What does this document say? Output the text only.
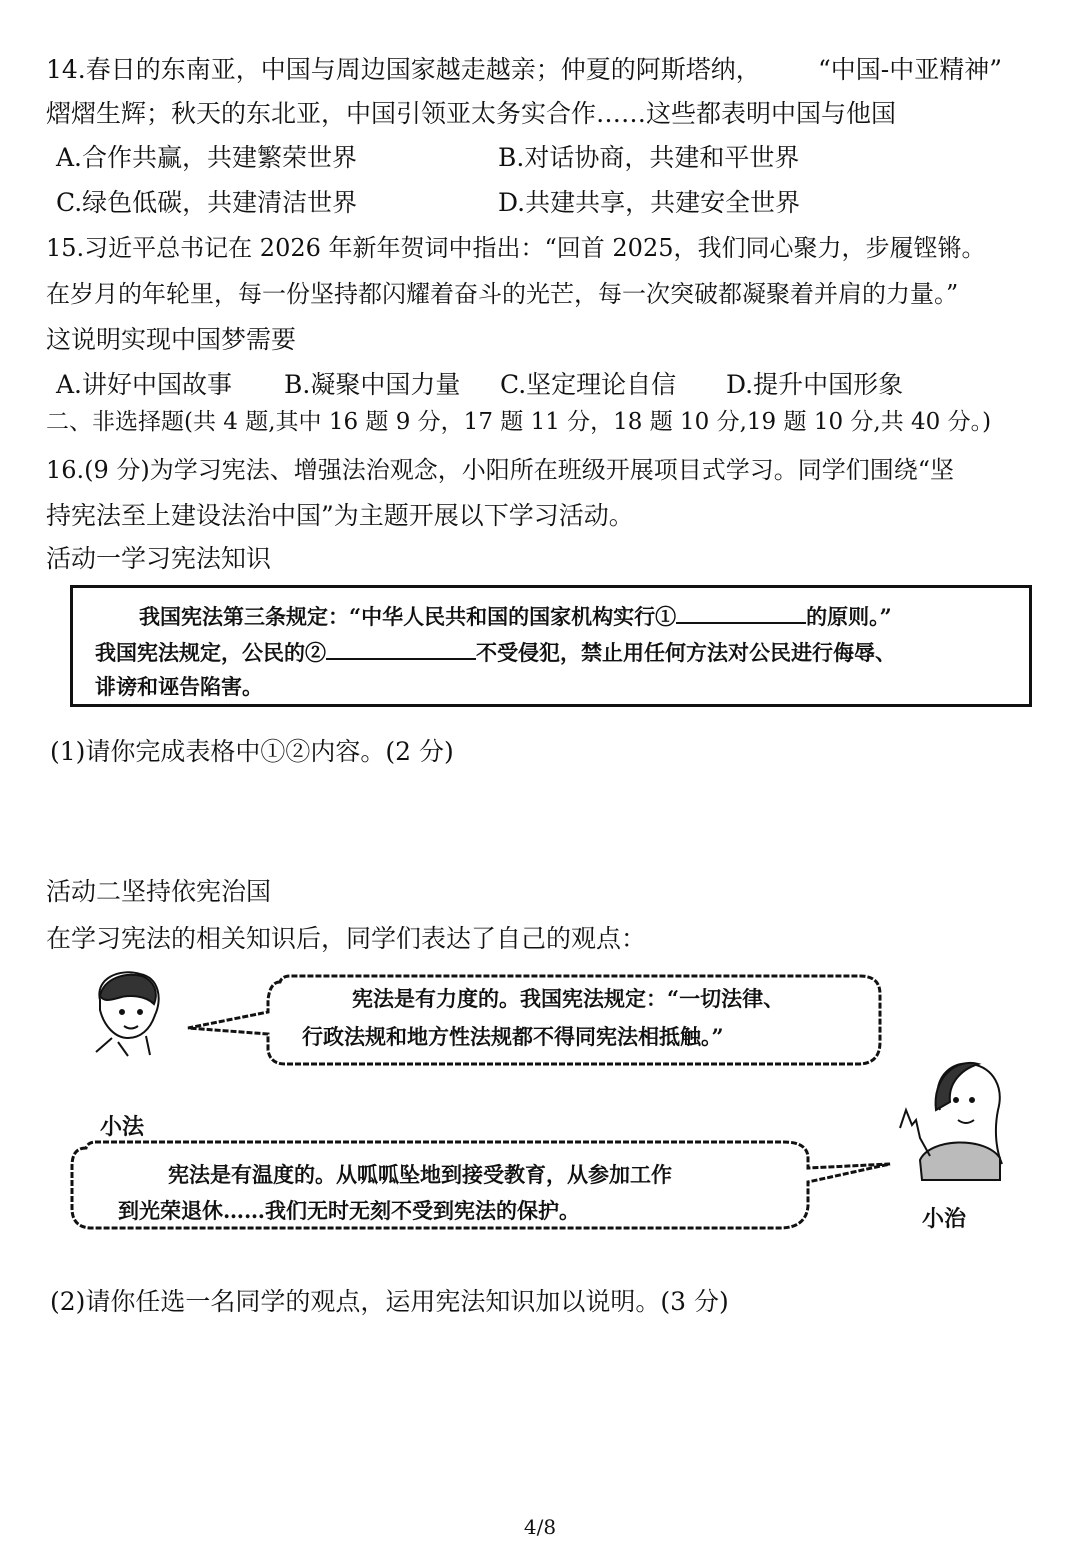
14.春日的东南亚，中国与周边国家越走越亲；仲夏的阿斯塔纳， “中国-中亚精神”
熠熠生辉；秋天的东北亚，中国引领亚太务实合作……这些都表明中国与他国
A.合作共赢，共建繁荣世界	B.对话协商，共建和平世界
C.绿色低碳，共建清洁世界	D.共建共享，共建安全世界
15.习近平总书记在 2026 年新年贺词中指出：“回首 2025，我们同心聚力，步履铿锵。
在岁月的年轮里，每一份坚持都闪耀着奋斗的光芒，每一次突破都凝聚着并肩的力量。”
这说明实现中国梦需要
A.讲好中国故事 B.凝聚中国力量 C.坚定理论自信 D.提升中国形象
二、非选择题(共 4 题,其中 16 题 9 分，17 题 11 分，18 题 10 分,19 题 10 分,共 40 分。)
16.(9 分)为学习宪法、增强法治观念，小阳所在班级开展项目式学习。同学们围绕“坚
持宪法至上建设法治中国”为主题开展以下学习活动。
活动一学习宪法知识
我国宪法第三条规定：“中华人民共和国的国家机构实行①	的原则。”
我国宪法规定，公民的②	不受侵犯，禁止用任何方法对公民进行侮辱、
诽谤和诬告陷害。
(1)请你完成表格中①②内容。(2 分)
活动二坚持依宪治国
在学习宪法的相关知识后，同学们表达了自己的观点：
宪法是有力度的。我国宪法规定：“一切法律、
行政法规和地方性法规都不得同宪法相抵触。”
小法
宪法是有温度的。从呱呱坠地到接受教育，从参加工作
到光荣退休……我们无时无刻不受到宪法的保护。	小治
(2)请你任选一名同学的观点，运用宪法知识加以说明。(3 分)
4/8
